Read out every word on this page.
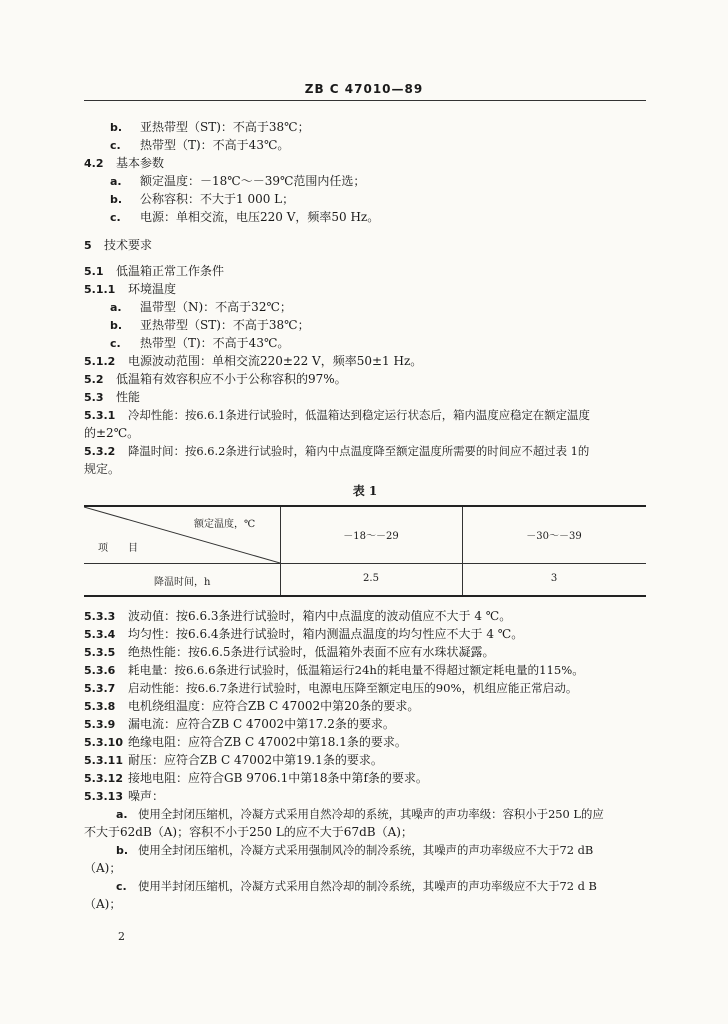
ZB C 47010—89
b. 亚热带型（ST)：不高于38℃；
c. 热带型（T)：不高于43℃。
4.2 基本参数
a. 额定温度：－18℃～－39℃范围内任选；
b. 公称容积：不大于1 000 L；
c. 电源：单相交流，电压220 V，频率50 Hz。
5 技术要求
5.1 低温箱正常工作条件
5.1.1 环境温度
a. 温带型（N)：不高于32℃；
b. 亚热带型（ST)：不高于38℃；
c. 热带型（T)：不高于43℃。
5.1.2 电源波动范围：单相交流220±22 V，频率50±1 Hz。
5.2 低温箱有效容积应不小于公称容积的97%。
5.3 性能
5.3.1 冷却性能：按6.6.1条进行试验时，低温箱达到稳定运行状态后，箱内温度应稳定在额定温度
的±2℃。
5.3.2 降温时间：按6.6.2条进行试验时，箱内中点温度降至额定温度所需要的时间应不超过表 1的
规定。
表 1
额定温度，℃
项　　目
－18～－29	－30～－39
降温时间，h	2.5	3
5.3.3 波动值：按6.6.3条进行试验时，箱内中点温度的波动值应不大于 4 ℃。
5.3.4 均匀性：按6.6.4条进行试验时，箱内测温点温度的均匀性应不大于 4 ℃。
5.3.5 绝热性能：按6.6.5条进行试验时，低温箱外表面不应有水珠状凝露。
5.3.6 耗电量：按6.6.6条进行试验时，低温箱运行24h的耗电量不得超过额定耗电量的115%。
5.3.7 启动性能：按6.6.7条进行试验时，电源电压降至额定电压的90%，机组应能正常启动。
5.3.8 电机绕组温度：应符合ZB C 47002中第20条的要求。
5.3.9 漏电流：应符合ZB C 47002中第17.2条的要求。
5.3.10 绝缘电阻：应符合ZB C 47002中第18.1条的要求。
5.3.11 耐压：应符合ZB C 47002中第19.1条的要求。
5.3.12 接地电阻：应符合GB 9706.1中第18条中第f条的要求。
5.3.13 噪声：
a. 使用全封闭压缩机，冷凝方式采用自然冷却的系统，其噪声的声功率级：容积小于250 L的应
不大于62dB（A)；容积不小于250 L的应不大于67dB（A)；
b. 使用全封闭压缩机，冷凝方式采用强制风冷的制冷系统，其噪声的声功率级应不大于72 dB
（A)；
c. 使用半封闭压缩机，冷凝方式采用自然冷却的制冷系统，其噪声的声功率级应不大于72 d B
（A)；
2
